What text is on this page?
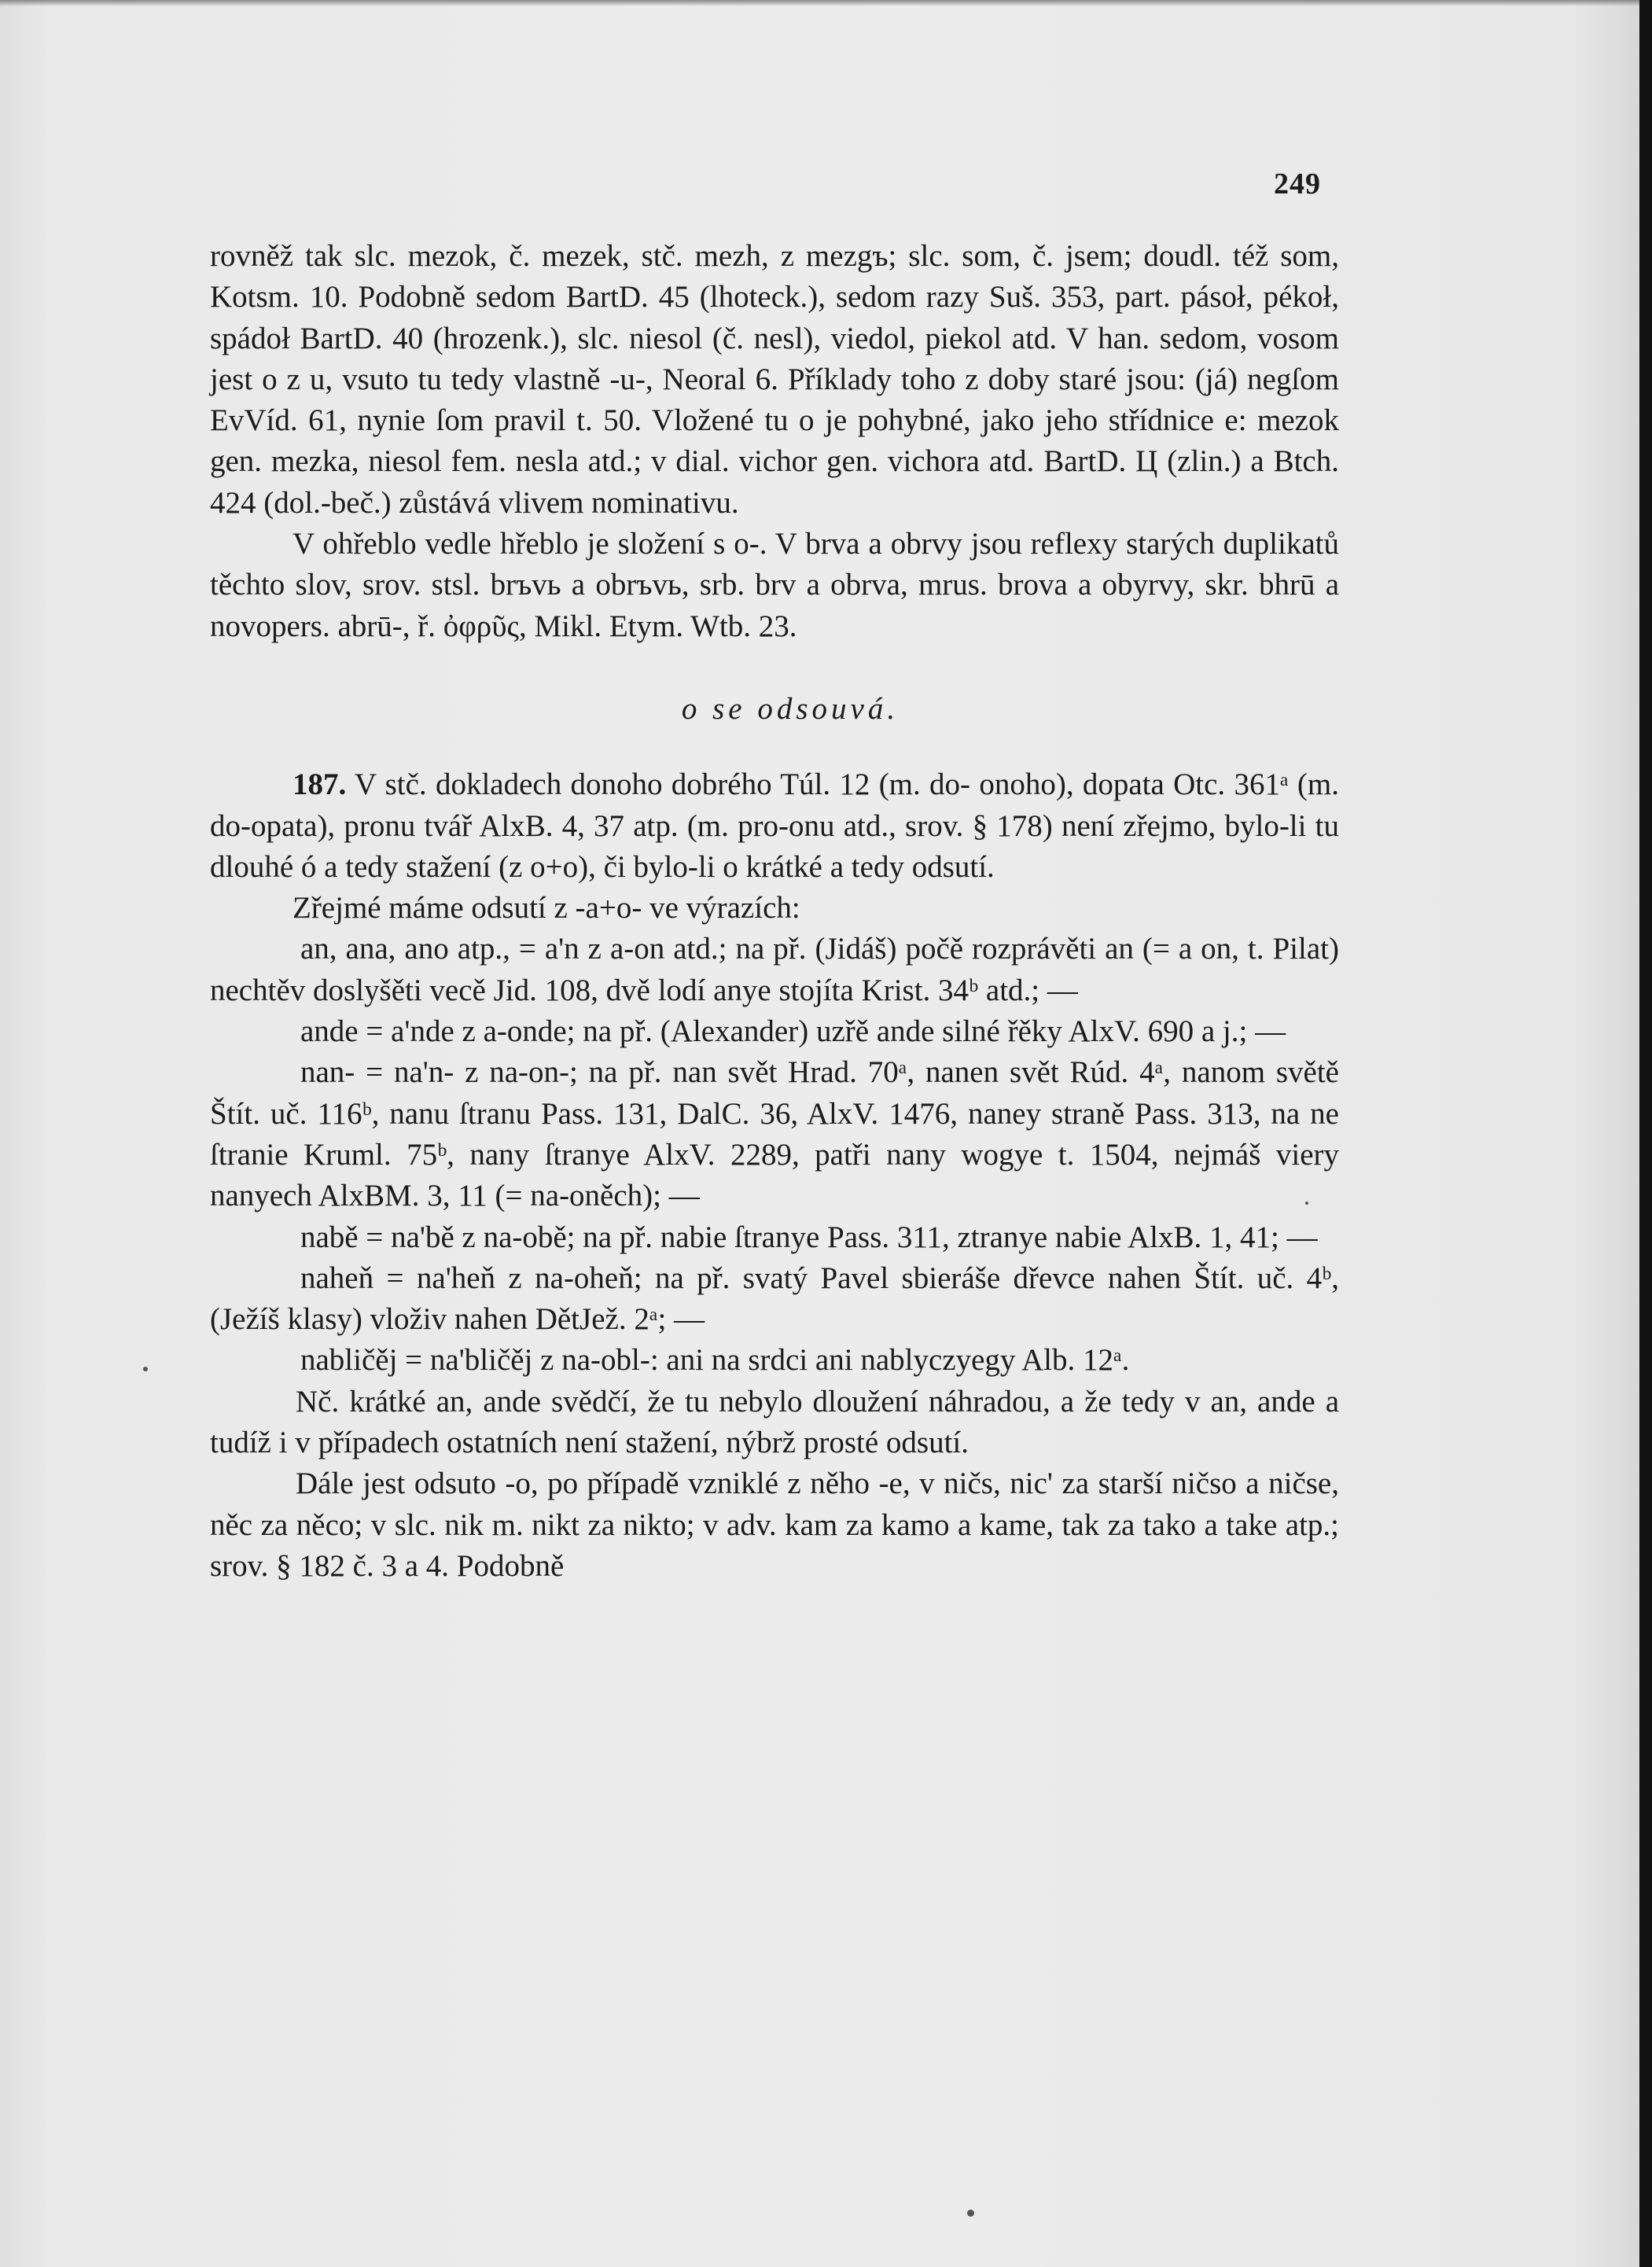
249

rovněž tak slc. mezok, č. mezek, stč. mezh, z mezgъ; slc. som, č. jsem; doudl. též som, Kotsm. 10. Podobně sedom BartD. 45 (lhoteck.), sedom razy Suš. 353, part. pásoł, pékoł, spádoł BartD. 40 (hrozenk.), slc. niesol (č. nesl), viedol, piekol atd. V han. sedom, vosom jest o z u, vsuto tu tedy vlastně -u-, Neoral 6. Příklady toho z doby staré jsou: (já) negſom EvVíd. 61, nynie ſom pravil t. 50. Vložené tu o je pohybné, jako jeho střídnice e: mezok gen. mezka, niesol fem. nesla atd.; v dial. vichor gen. vichora atd. BartD. Ц (zlin.) a Btch. 424 (dol.-beč.) zůstává vlivem nominativu.

V ohřeblo vedle hřeblo je složení s o-. V brva a obrvy jsou reflexy starých duplikatů těchto slov, srov. stsl. brъvь a obrъvь, srb. brv a obrva, mrus. brova a obyrvy, skr. bhrū a novopers. abrū-, ř. ὀφρῦς, Mikl. Etym. Wtb. 23.

o se odsouvá.

187. V stč. dokladech donoho dobrého Túl. 12 (m. do- onoho), dopata Otc. 361ᵃ (m. do-opata), pronu tvář AlxB. 4, 37 atp. (m. pro-onu atd., srov. § 178) není zřejmo, bylo-li tu dlouhé ó a tedy stažení (z o+o), či bylo-li o krátké a tedy odsutí.

Zřejmé máme odsutí z -a+o- ve výrazích:

an, ana, ano atp., = a'n z a-on atd.; na př. (Jidáš) počě rozprávěti an (= a on, t. Pilat) nechtěv doslyšěti vecě Jid. 108, dvě lodí anye stojíta Krist. 34ᵇ atd.; —

ande = a'nde z a-onde; na př. (Alexander) uzřě ande silné řěky AlxV. 690 a j.; —

nan- = na'n- z na-on-; na př. nan svět Hrad. 70ᵃ, nanen svět Rúd. 4ᵃ, nanom světě Štít. uč. 116ᵇ, nanu ſtranu Pass. 131, DalC. 36, AlxV. 1476, naney straně Pass. 313, na ne ſtranie Kruml. 75ᵇ, nany ſtranye AlxV. 2289, patři nany wogye t. 1504, nejmáš viery nanyech AlxBM. 3, 11 (= na-oněch); —

nabě = na'bě z na-obě; na př. nabie ſtranye Pass. 311, ztranye nabie AlxB. 1, 41; —

naheň = na'heň z na-oheň; na př. svatý Pavel sbieráše dřevce nahen Štít. uč. 4ᵇ, (Ježíš klasy) vloživ nahen DětJež. 2ᵃ; —

nabličěj = na'bličěj z na-obl-: ani na srdci ani nablyczyegy Alb. 12ᵃ.

Nč. krátké an, ande svědčí, že tu nebylo dloužení náhradou, a že tedy v an, ande a tudíž i v případech ostatních není stažení, nýbrž prosté odsutí.

Dále jest odsuto -o, po případě vzniklé z něho -e, v ničs, nic' za starší ničso a ničse, něc za něco; v slc. nik m. nikt za nikto; v adv. kam za kamo a kame, tak za tako a take atp.; srov. § 182 č. 3 a 4. Podobně
